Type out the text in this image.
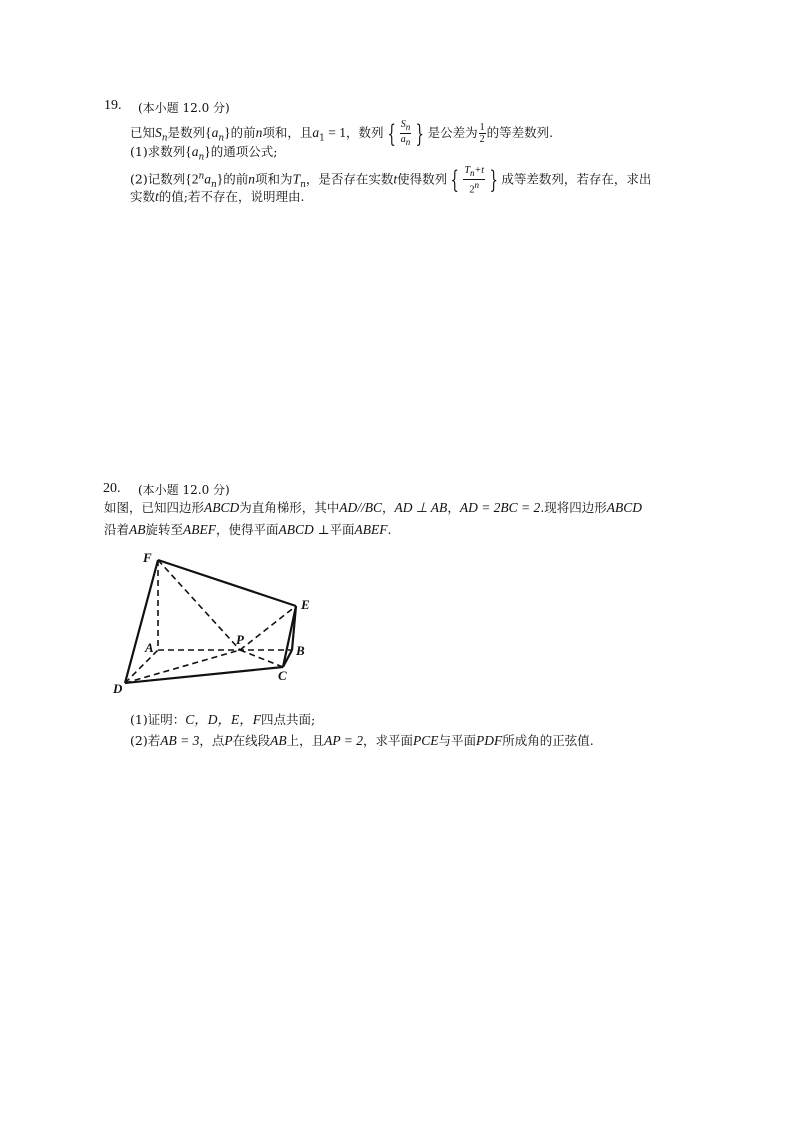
19. (本小题 12.0 分)
已知$S_n$是数列$\{a_n\}$的前n项和，且$a_1 = 1$，数列 { $\frac{S_n}{a_n}$ } 是公差为 $\frac{1}{2}$ 的等差数列.
(1)求数列$\{a_n\}$的通项公式;
(2)记数列$\{2^na_n\}$的前n项和为$T_n$，是否存在实数t使得数列 { $\frac{T_n+t}{2^n}$ } 成等差数列，若存在，求出
实数t的值;若不存在，说明理由.
20. (本小题 12.0 分)
如图，已知四边形ABCD为直角梯形，其中AD//BC，AD ⊥ AB，AD = 2BC = 2.现将四边形ABCD
沿着AB旋转至ABEF，使得平面ABCD ⊥平面ABEF.
F
E
A
P
B
D
C
(1)证明：C，D，E，F四点共面;
(2)若AB = 3，点P在线段AB上，且AP = 2，求平面PCE与平面PDF所成角的正弦值.
